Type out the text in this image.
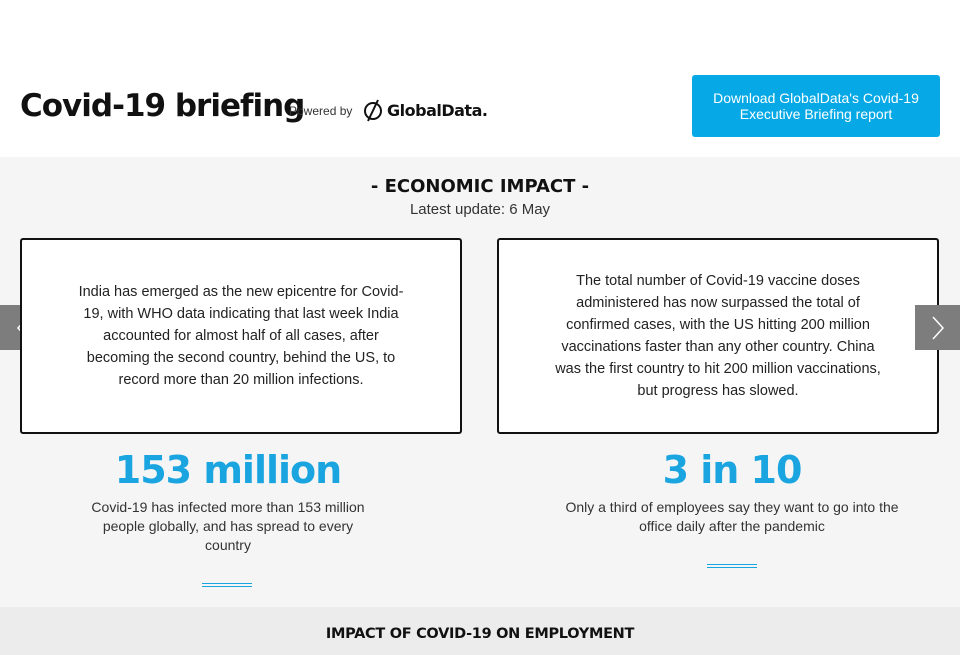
Covid-19 briefing
Powered by GlobalData.
Download GlobalData's Covid-19 Executive Briefing report
- ECONOMIC IMPACT -
Latest update: 6 May

India has emerged as the new epicentre for Covid-19, with WHO data indicating that last week India accounted for almost half of all cases, after becoming the second country, behind the US, to record more than 20 million infections.

The total number of Covid-19 vaccine doses administered has now surpassed the total of confirmed cases, with the US hitting 200 million vaccinations faster than any other country. China was the first country to hit 200 million vaccinations, but progress has slowed.

153 million
Covid-19 has infected more than 153 million people globally, and has spread to every country
3 in 10
Only a third of employees say they want to go into the office daily after the pandemic
IMPACT OF COVID-19 ON EMPLOYMENT
